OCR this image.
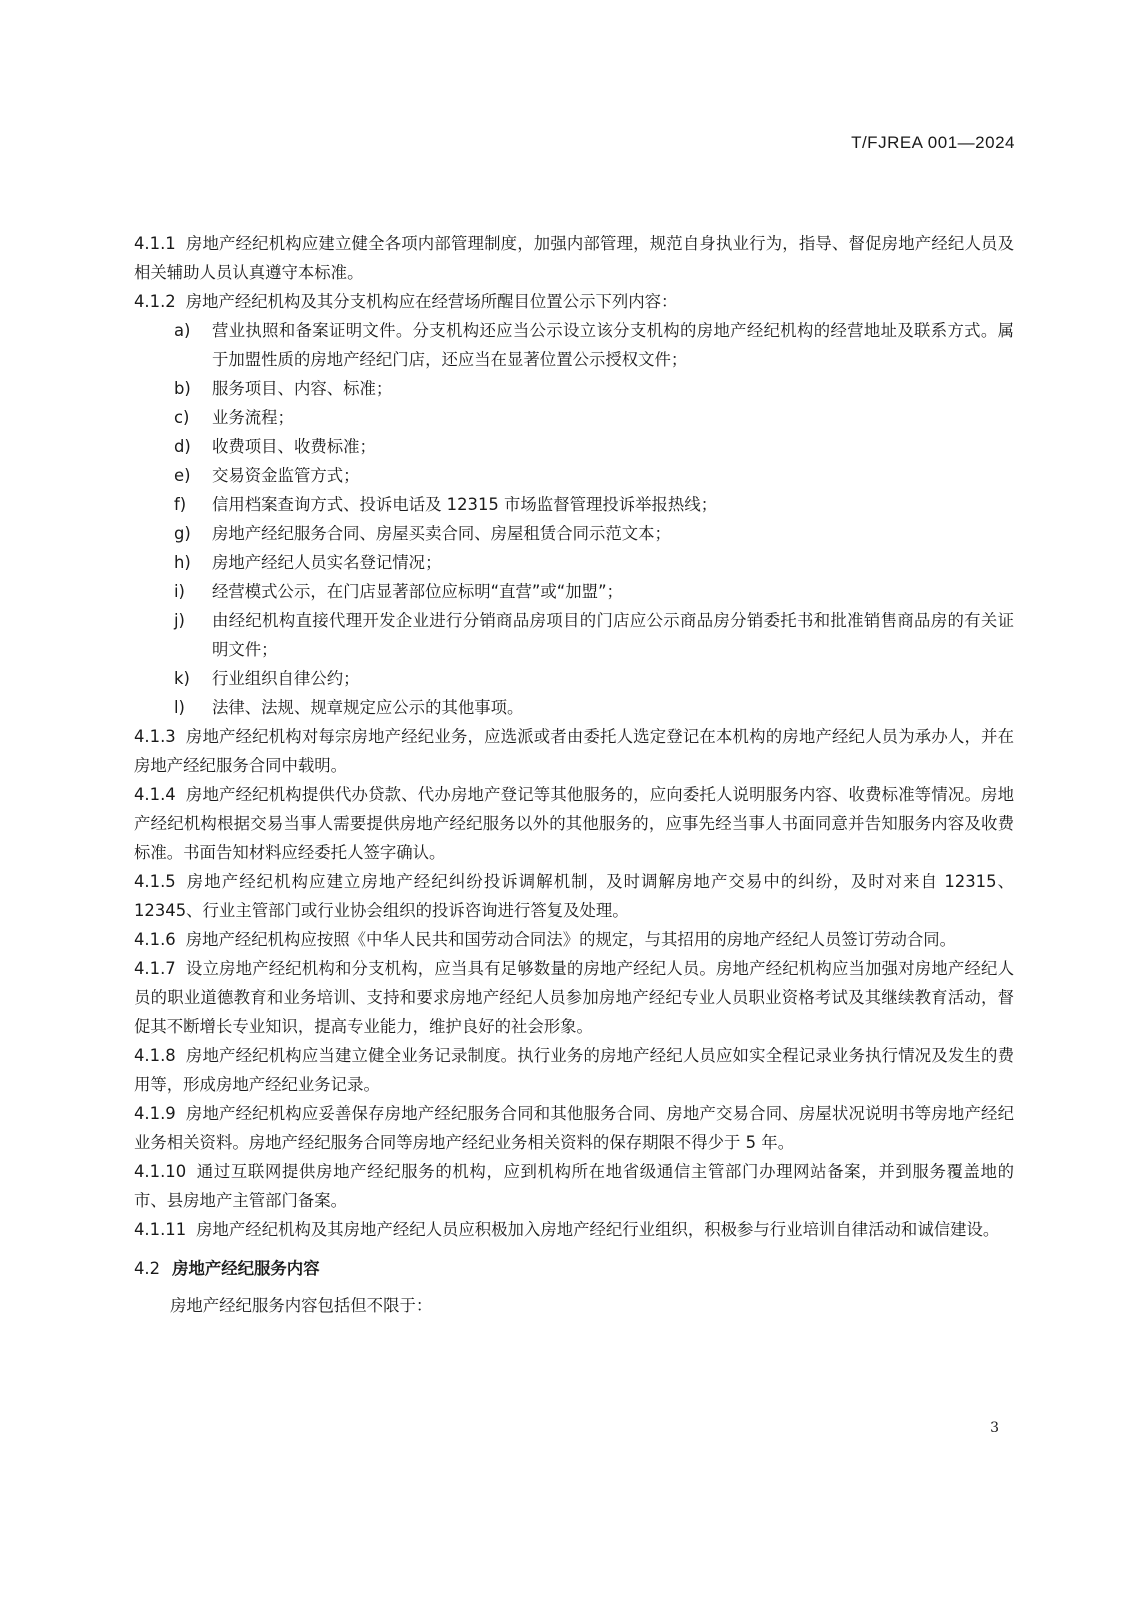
T/FJREA 001—2024

4.1.1 房地产经纪机构应建立健全各项内部管理制度，加强内部管理，规范自身执业行为，指导、督促房地产经纪人员及相关辅助人员认真遵守本标准。

4.1.2 房地产经纪机构及其分支机构应在经营场所醒目位置公示下列内容：

a) 营业执照和备案证明文件。分支机构还应当公示设立该分支机构的房地产经纪机构的经营地址及联系方式。属于加盟性质的房地产经纪门店，还应当在显著位置公示授权文件；
b) 服务项目、内容、标准；
c) 业务流程；
d) 收费项目、收费标准；
e) 交易资金监管方式；
f) 信用档案查询方式、投诉电话及 12315 市场监督管理投诉举报热线；
g) 房地产经纪服务合同、房屋买卖合同、房屋租赁合同示范文本；
h) 房地产经纪人员实名登记情况；
i) 经营模式公示，在门店显著部位应标明“直营”或“加盟”；
j) 由经纪机构直接代理开发企业进行分销商品房项目的门店应公示商品房分销委托书和批准销售商品房的有关证明文件；
k) 行业组织自律公约；
l) 法律、法规、规章规定应公示的其他事项。

4.1.3 房地产经纪机构对每宗房地产经纪业务，应选派或者由委托人选定登记在本机构的房地产经纪人员为承办人，并在房地产经纪服务合同中载明。

4.1.4 房地产经纪机构提供代办贷款、代办房地产登记等其他服务的，应向委托人说明服务内容、收费标准等情况。房地产经纪机构根据交易当事人需要提供房地产经纪服务以外的其他服务的，应事先经当事人书面同意并告知服务内容及收费标准。书面告知材料应经委托人签字确认。

4.1.5 房地产经纪机构应建立房地产经纪纠纷投诉调解机制，及时调解房地产交易中的纠纷，及时对来自 12315、12345、行业主管部门或行业协会组织的投诉咨询进行答复及处理。

4.1.6 房地产经纪机构应按照《中华人民共和国劳动合同法》的规定，与其招用的房地产经纪人员签订劳动合同。

4.1.7 设立房地产经纪机构和分支机构，应当具有足够数量的房地产经纪人员。房地产经纪机构应当加强对房地产经纪人员的职业道德教育和业务培训、支持和要求房地产经纪人员参加房地产经纪专业人员职业资格考试及其继续教育活动，督促其不断增长专业知识，提高专业能力，维护良好的社会形象。

4.1.8 房地产经纪机构应当建立健全业务记录制度。执行业务的房地产经纪人员应如实全程记录业务执行情况及发生的费用等，形成房地产经纪业务记录。

4.1.9 房地产经纪机构应妥善保存房地产经纪服务合同和其他服务合同、房地产交易合同、房屋状况说明书等房地产经纪业务相关资料。房地产经纪服务合同等房地产经纪业务相关资料的保存期限不得少于 5 年。

4.1.10 通过互联网提供房地产经纪服务的机构，应到机构所在地省级通信主管部门办理网站备案，并到服务覆盖地的市、县房地产主管部门备案。

4.1.11 房地产经纪机构及其房地产经纪人员应积极加入房地产经纪行业组织，积极参与行业培训自律活动和诚信建设。

4.2 房地产经纪服务内容

房地产经纪服务内容包括但不限于：

3
